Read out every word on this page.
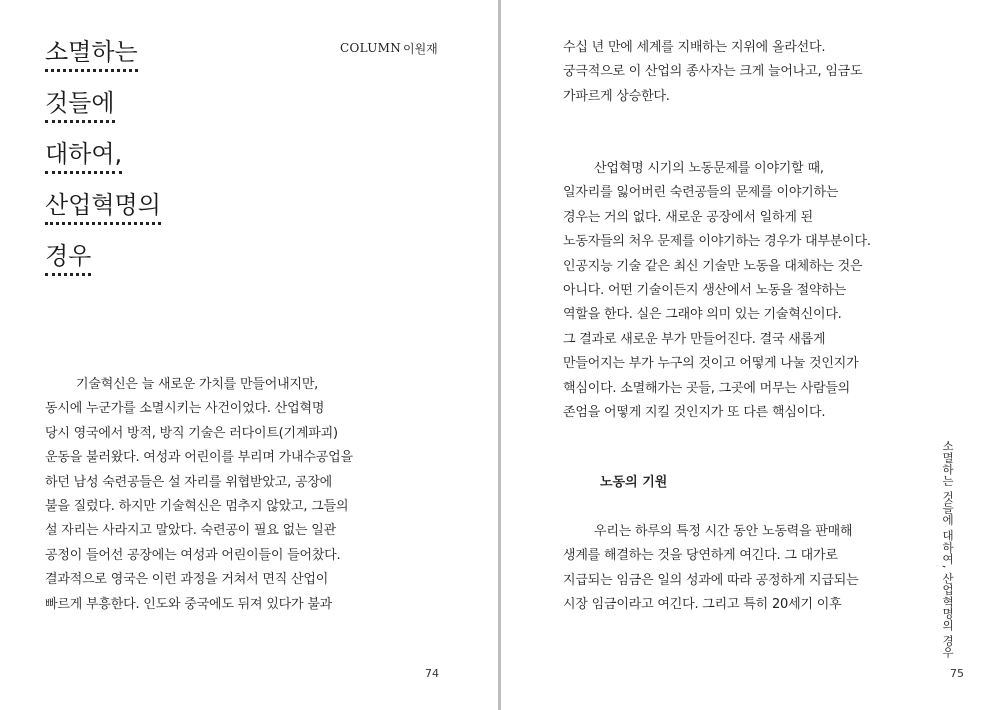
소멸하는
것들에
대하여,
산업혁명의
경우
COLUMN 이원재
기술혁신은 늘 새로운 가치를 만들어내지만,
동시에 누군가를 소멸시키는 사건이었다. 산업혁명
당시 영국에서 방적, 방직 기술은 러다이트(기계파괴)
운동을 불러왔다. 여성과 어린이를 부리며 가내수공업을
하던 남성 숙련공들은 설 자리를 위협받았고, 공장에
불을 질렀다. 하지만 기술혁신은 멈추지 않았고, 그들의
설 자리는 사라지고 말았다. 숙련공이 필요 없는 일관
공정이 들어선 공장에는 여성과 어린이들이 들어찼다.
결과적으로 영국은 이런 과정을 거쳐서 면직 산업이
빠르게 부흥한다. 인도와 중국에도 뒤져 있다가 불과
74
수십 년 만에 세계를 지배하는 지위에 올라선다.
궁극적으로 이 산업의 종사자는 크게 늘어나고, 임금도
가파르게 상승한다.
산업혁명 시기의 노동문제를 이야기할 때,
일자리를 잃어버린 숙련공들의 문제를 이야기하는
경우는 거의 없다. 새로운 공장에서 일하게 된
노동자들의 처우 문제를 이야기하는 경우가 대부분이다.
인공지능 기술 같은 최신 기술만 노동을 대체하는 것은
아니다. 어떤 기술이든지 생산에서 노동을 절약하는
역할을 한다. 실은 그래야 의미 있는 기술혁신이다.
그 결과로 새로운 부가 만들어진다. 결국 새롭게
만들어지는 부가 누구의 것이고 어떻게 나눌 것인지가
핵심이다. 소멸해가는 곳들, 그곳에 머무는 사람들의
존엄을 어떻게 지킬 것인지가 또 다른 핵심이다.
노동의 기원
우리는 하루의 특정 시간 동안 노동력을 판매해
생계를 해결하는 것을 당연하게 여긴다. 그 대가로
지급되는 임금은 일의 성과에 따라 공정하게 지급되는
시장 임금이라고 여긴다. 그리고 특히 20세기 이후	소멸하는 것들에 대하여, 산업혁명의 경우
75
